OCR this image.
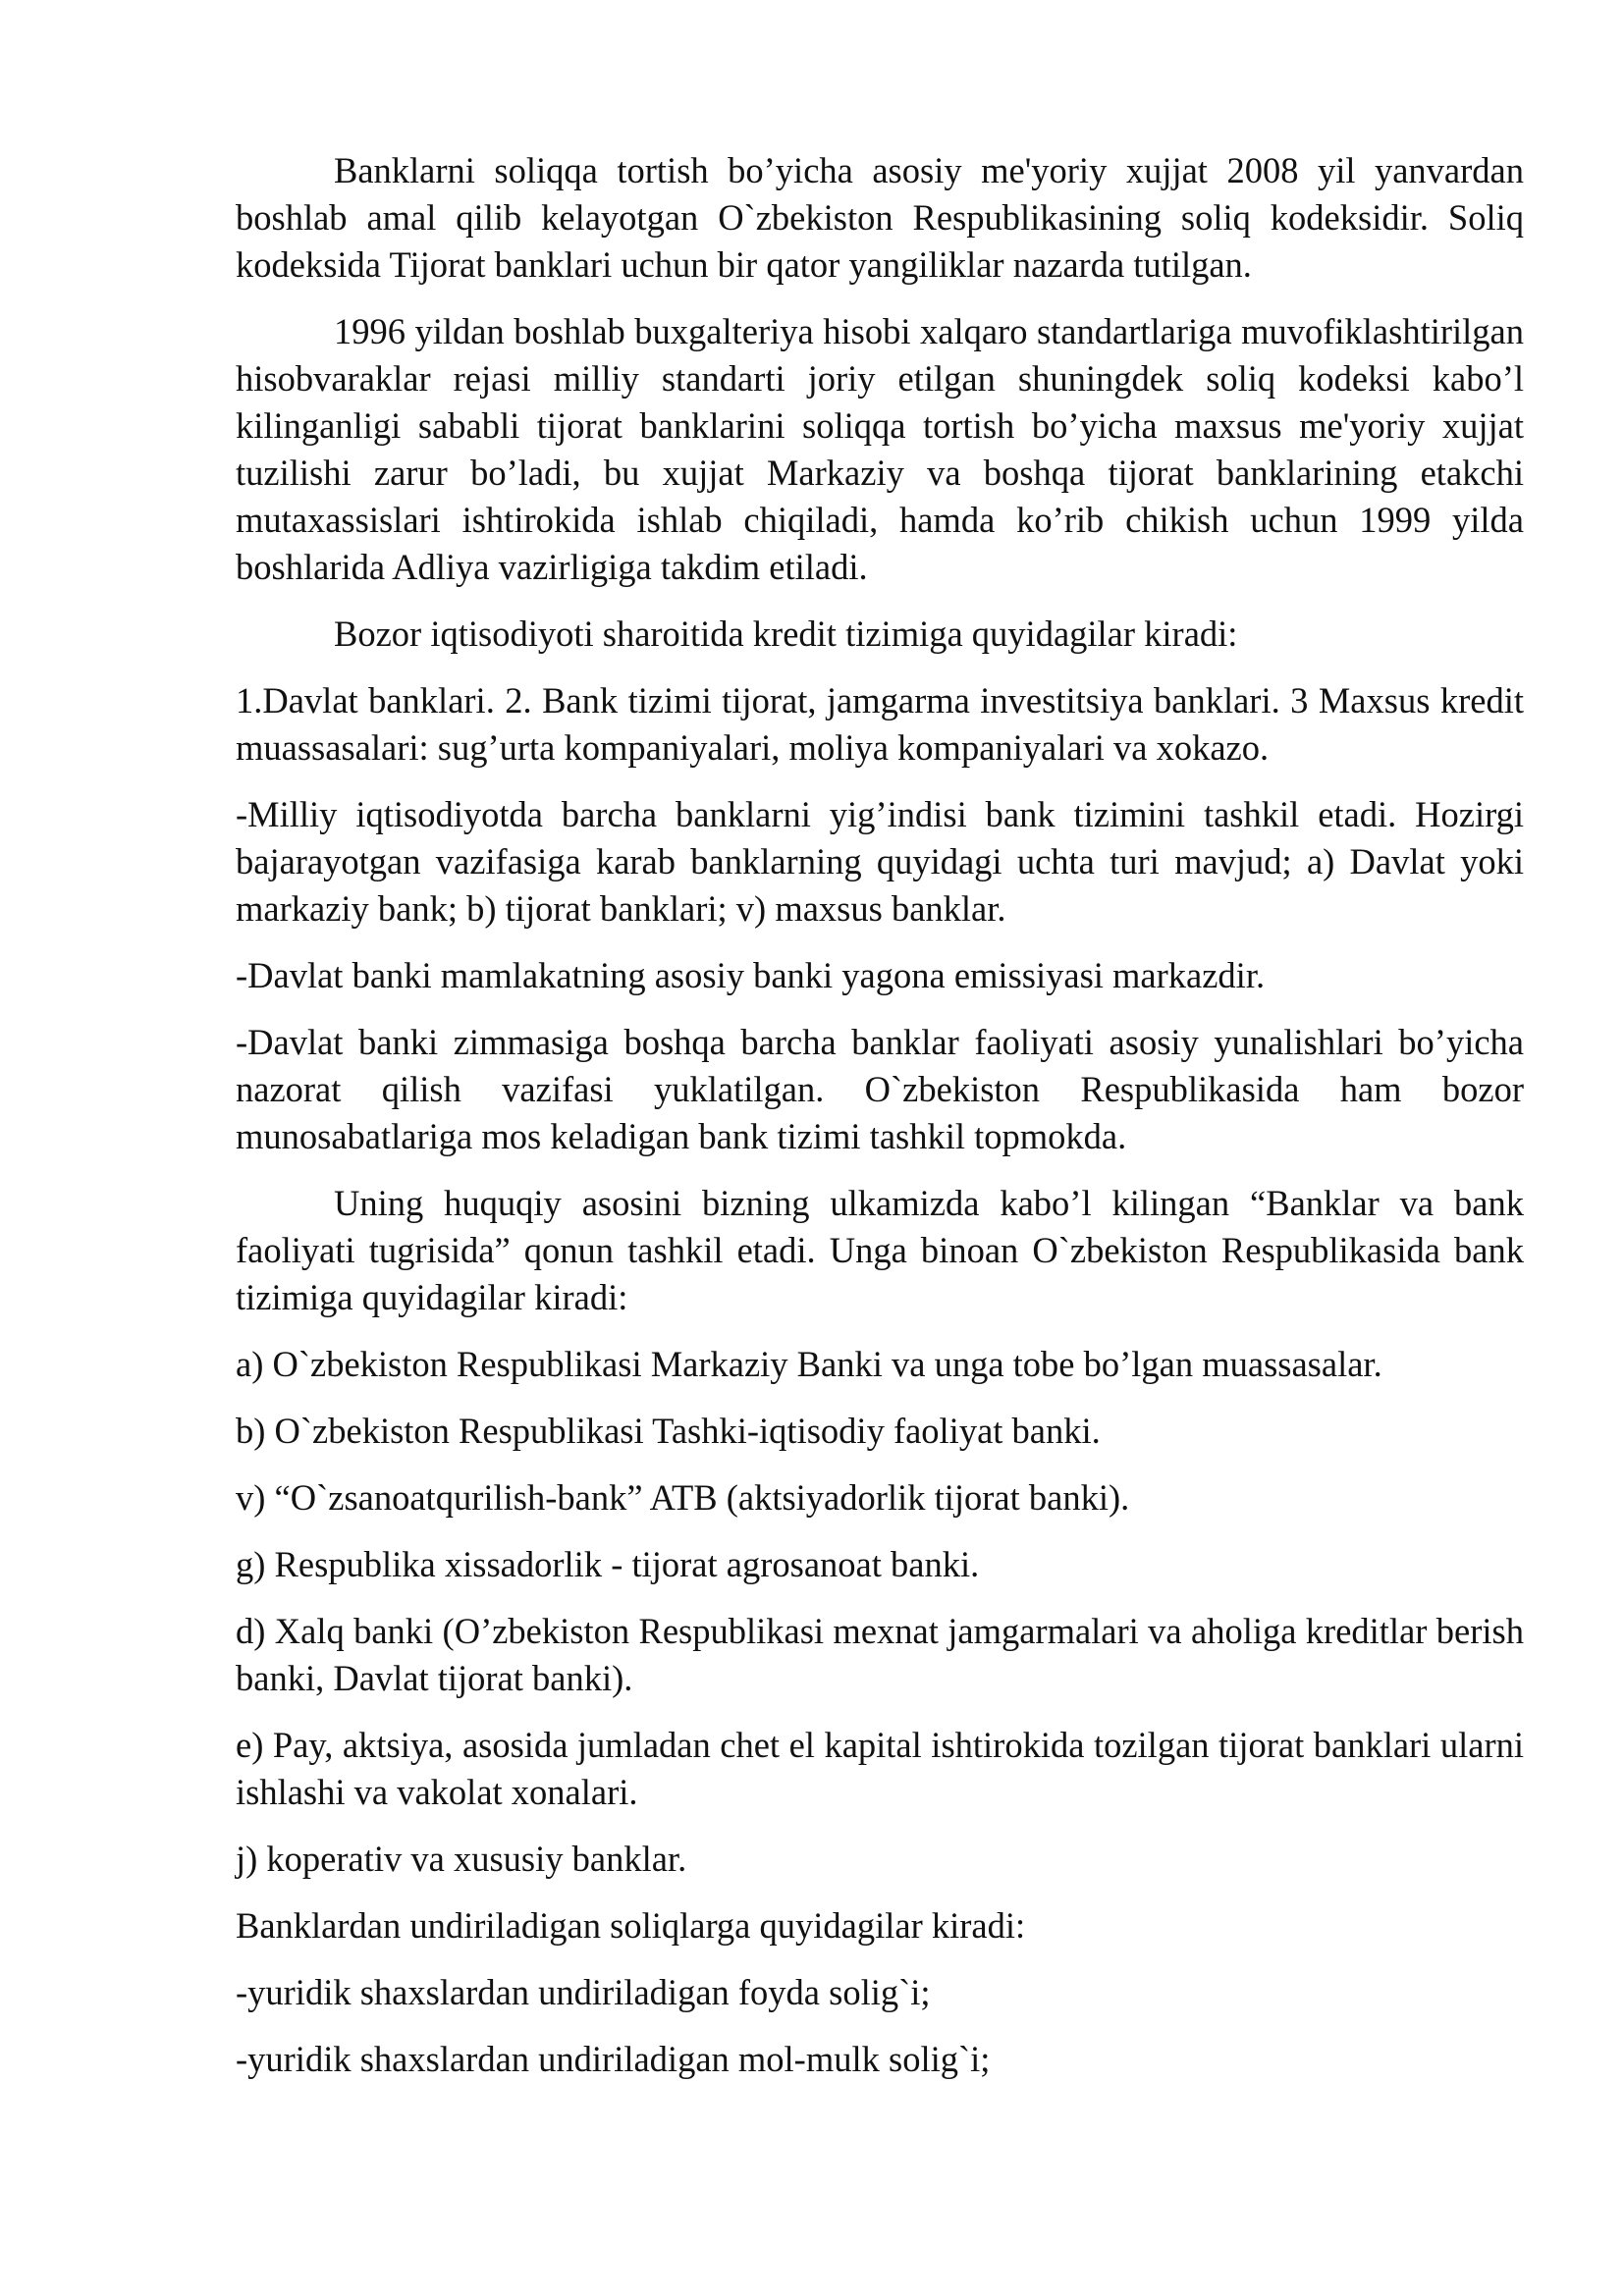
Banklarni soliqqa tortish bo’yicha asosiy me'yoriy xujjat 2008 yil yanvardan boshlab amal qilib kelayotgan O`zbekiston Respublikasining soliq kodeksidir. Soliq kodeksida Tijorat banklari uchun bir qator yangiliklar nazarda tutilgan.

1996 yildan boshlab buxgalteriya hisobi xalqaro standartlariga muvofiklashtirilgan hisobvaraklar rejasi milliy standarti joriy etilgan shuningdek soliq kodeksi kabo’l kilinganligi sababli tijorat banklarini soliqqa tortish bo’yicha maxsus me'yoriy xujjat tuzilishi zarur bo’ladi, bu xujjat Markaziy va boshqa tijorat banklarining etakchi mutaxassislari ishtirokida ishlab chiqiladi, hamda ko’rib chikish uchun 1999 yilda boshlarida Adliya vazirligiga takdim etiladi.

Bozor iqtisodiyoti sharoitida kredit tizimiga quyidagilar kiradi:

1.Davlat banklari. 2. Bank tizimi tijorat, jamgarma investitsiya banklari. 3 Maxsus kredit muassasalari: sug’urta kompaniyalari, moliya kompaniyalari va xokazo.

-Milliy iqtisodiyotda barcha banklarni yig’indisi bank tizimini tashkil etadi. Hozirgi bajarayotgan vazifasiga karab banklarning quyidagi uchta turi mavjud; a) Davlat yoki markaziy bank; b) tijorat banklari; v) maxsus banklar.

-Davlat banki mamlakatning asosiy banki yagona emissiyasi markazdir.

-Davlat banki zimmasiga boshqa barcha banklar faoliyati asosiy yunalishlari bo’yicha nazorat qilish vazifasi yuklatilgan. O`zbekiston Respublikasida ham bozor munosabatlariga mos keladigan bank tizimi tashkil topmokda.

Uning huquqiy asosini bizning ulkamizda kabo’l kilingan “Banklar va bank faoliyati tugrisida” qonun tashkil etadi. Unga binoan O`zbekiston Respublikasida bank tizimiga quyidagilar kiradi:

a) O`zbekiston Respublikasi Markaziy Banki va unga tobe bo’lgan muassasalar.

b) O`zbekiston Respublikasi Tashki-iqtisodiy faoliyat banki.

v) “O`zsanoatqurilish-bank” ATB (aktsiyadorlik tijorat banki).

g) Respublika xissadorlik - tijorat agrosanoat banki.

d) Xalq banki (O’zbekiston Respublikasi mexnat jamgarmalari va aholiga kreditlar berish banki, Davlat tijorat banki).

e) Pay, aktsiya, asosida jumladan chet el kapital ishtirokida tozilgan tijorat banklari ularni ishlashi va vakolat xonalari.

j) koperativ va xususiy banklar.

Banklardan undiriladigan soliqlarga quyidagilar kiradi:

-yuridik shaxslardan undiriladigan foyda solig`i;

-yuridik shaxslardan undiriladigan mol-mulk solig`i;
